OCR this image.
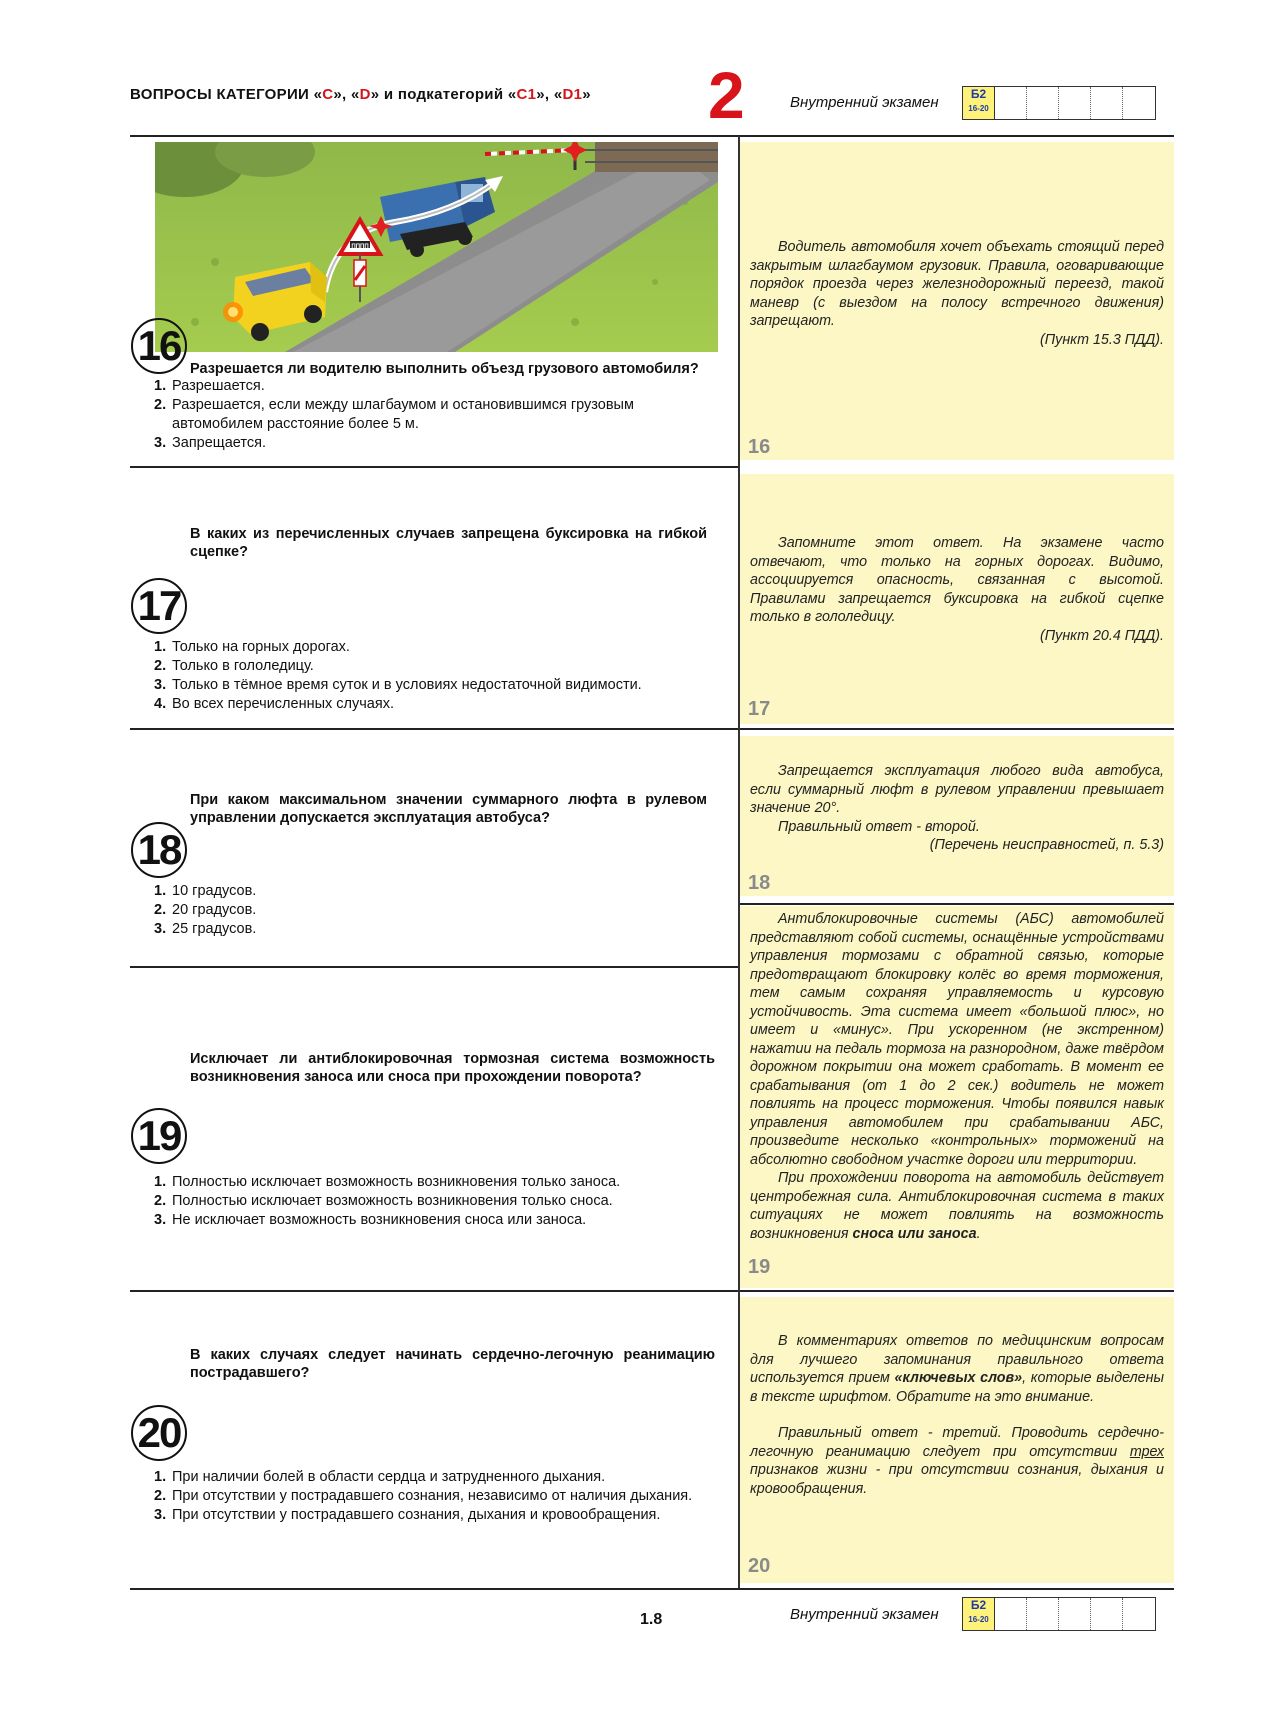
ВОПРОСЫ КАТЕГОРИИ «C», «D» и подкатегорий «C1», «D1» 2	Внутренний экзамен	Б2
16-20
ПППП
16 Разрешается ли водителю выполнить объезд грузового автомобиля?
1. Разрешается.
2. Разрешается, если между шлагбаумом и остановившимся грузовым автомобилем расстояние более 5 м.
3. Запрещается.

Водитель автомобиля хочет объехать стоящий перед закрытым шлагбаумом грузовик. Правила, оговаривающие порядок проезда через железнодорожный переезд, такой маневр (с выездом на полосу встречного движения) запрещают.

(Пункт 15.3 ПДД).

16
В каких из перечисленных случаев запрещена буксировка на гибкой сцепке?
17
1. Только на горных дорогах.
2. Только в гололедицу.
3. Только в тёмное время суток и в условиях недостаточной видимости.
4. Во всех перечисленных случаях.

Запомните этот ответ. На экзамене часто отвечают, что только на горных дорогах. Видимо, ассоциируется опасность, связанная с высотой. Правилами запрещается буксировка на гибкой сцепке только в гололедицу.

(Пункт 20.4 ПДД).

17
При каком максимальном значении суммарного люфта в рулевом управлении допускается эксплуатация автобуса?
18
1. 10 градусов.
2. 20 градусов.
3. 25 градусов.

Запрещается эксплуатация любого вида автобуса, если суммарный люфт в рулевом управлении превышает значение 20°.

Правильный ответ - второй.

(Перечень неисправностей, п. 5.3)

18
Исключает ли антиблокировочная тормозная система возможность возникновения заноса или сноса при прохождении поворота?
19
1. Полностью исключает возможность возникновения только заноса.
2. Полностью исключает возможность возникновения только сноса.
3. Не исключает возможность возникновения сноса или заноса.

Антиблокировочные системы (АБС) автомобилей представляют собой системы, оснащённые устройствами управления тормозами с обратной связью, которые предотвращают блокировку колёс во время торможения, тем самым сохраняя управляемость и курсовую устойчивость. Эта система имеет «большой плюс», но имеет и «минус». При ускоренном (не экстренном) нажатии на педаль тормоза на разнородном, даже твёрдом дорожном покрытии она может сработать. В момент ее срабатывания (от 1 до 2 сек.) водитель не может повлиять на процесс торможения. Чтобы появился навык управления автомобилем при срабатывании АБС, произведите несколько «контрольных» торможений на абсолютно свободном участке дороги или территории.

При прохождении поворота на автомобиль действует центробежная сила. Антиблокировочная система в таких ситуациях не может повлиять на возможность возникновения сноса или заноса.

19
В каких случаях следует начинать сердечно-легочную реанимацию пострадавшего?
20
1. При наличии болей в области сердца и затрудненного дыхания.
2. При отсутствии у пострадавшего сознания, независимо от наличия дыхания.
3. При отсутствии у пострадавшего сознания, дыхания и кровообращения.

В комментариях ответов по медицинским вопросам для лучшего запоминания правильного ответа используется прием «ключевых слов», которые выделены в тексте шрифтом. Обратите на это внимание.

Правильный ответ - третий. Проводить сердечно-легочную реанимацию следует при отсутствии трех признаков жизни - при отсутствии сознания, дыхания и кровообращения.

20
1.8	Внутренний экзамен
Б2
16-20
